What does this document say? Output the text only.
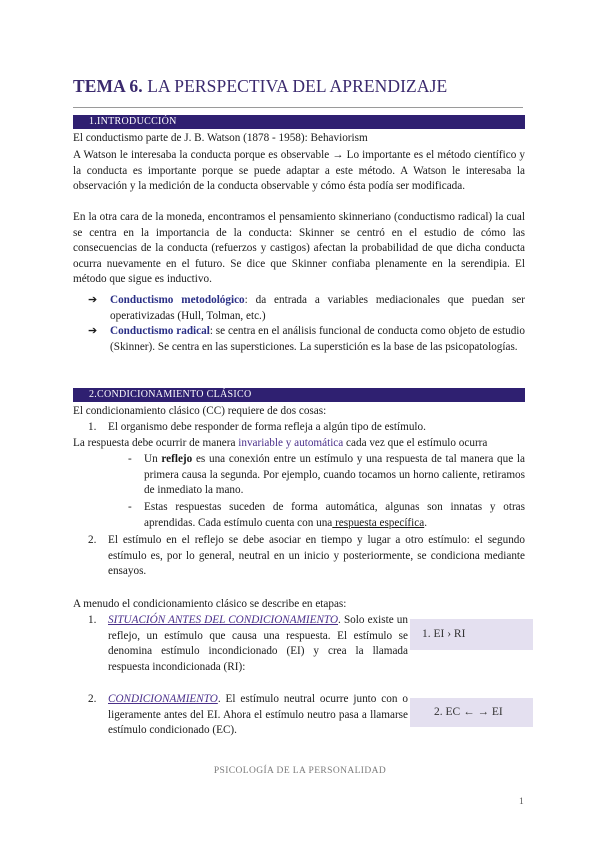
TEMA 6. LA PERSPECTIVA DEL APRENDIZAJE
1.INTRODUCCIÓN
El conductismo parte de J. B. Watson (1878 - 1958): Behaviorism
A Watson le interesaba la conducta porque es observable → Lo importante es el método científico y la conducta es importante porque se puede adaptar a este método. A Watson le interesaba la observación y la medición de la conducta observable y cómo ésta podía ser modificada.
En la otra cara de la moneda, encontramos el pensamiento skinneriano (conductismo radical) la cual se centra en la importancia de la conducta: Skinner se centró en el estudio de cómo las consecuencias de la conducta (refuerzos y castigos) afectan la probabilidad de que dicha conducta ocurra nuevamente en el futuro. Se dice que Skinner confiaba plenamente en la serendipia. El método que sigue es inductivo.
➔	Conductismo metodológico: da entrada a variables mediacionales que puedan ser operativizadas (Hull, Tolman, etc.)
➔	Conductismo radical: se centra en el análisis funcional de conducta como objeto de estudio (Skinner). Se centra en las supersticiones. La superstición es la base de las psicopatologías.
2.CONDICIONAMIENTO CLÁSICO
El condicionamiento clásico (CC) requiere de dos cosas:
1. El organismo debe responder de forma refleja a algún tipo de estímulo.
La respuesta debe ocurrir de manera invariable y automática cada vez que el estímulo ocurra
- Un reflejo es una conexión entre un estímulo y una respuesta de tal manera que la primera causa la segunda. Por ejemplo, cuando tocamos un horno caliente, retiramos de inmediato la mano.
- Estas respuestas suceden de forma automática, algunas son innatas y otras aprendidas. Cada estímulo cuenta con una respuesta específica.
2. El estímulo en el reflejo se debe asociar en tiempo y lugar a otro estímulo: el segundo estímulo es, por lo general, neutral en un inicio y posteriormente, se condiciona mediante ensayos.
A menudo el condicionamiento clásico se describe en etapas:
1. SITUACIÓN ANTES DEL CONDICIONAMIENTO. Solo existe un reflejo, un estímulo que causa una respuesta. El estímulo se denomina estímulo incondicionado (EI) y crea la llamada respuesta incondicionada (RI):
1. EI › RI
2. CONDICIONAMIENTO. El estímulo neutral ocurre junto con o ligeramente antes del EI. Ahora el estímulo neutro pasa a llamarse estímulo condicionado (EC).
2. EC ← → EI
PSICOLOGÍA DE LA PERSONALIDAD
1
